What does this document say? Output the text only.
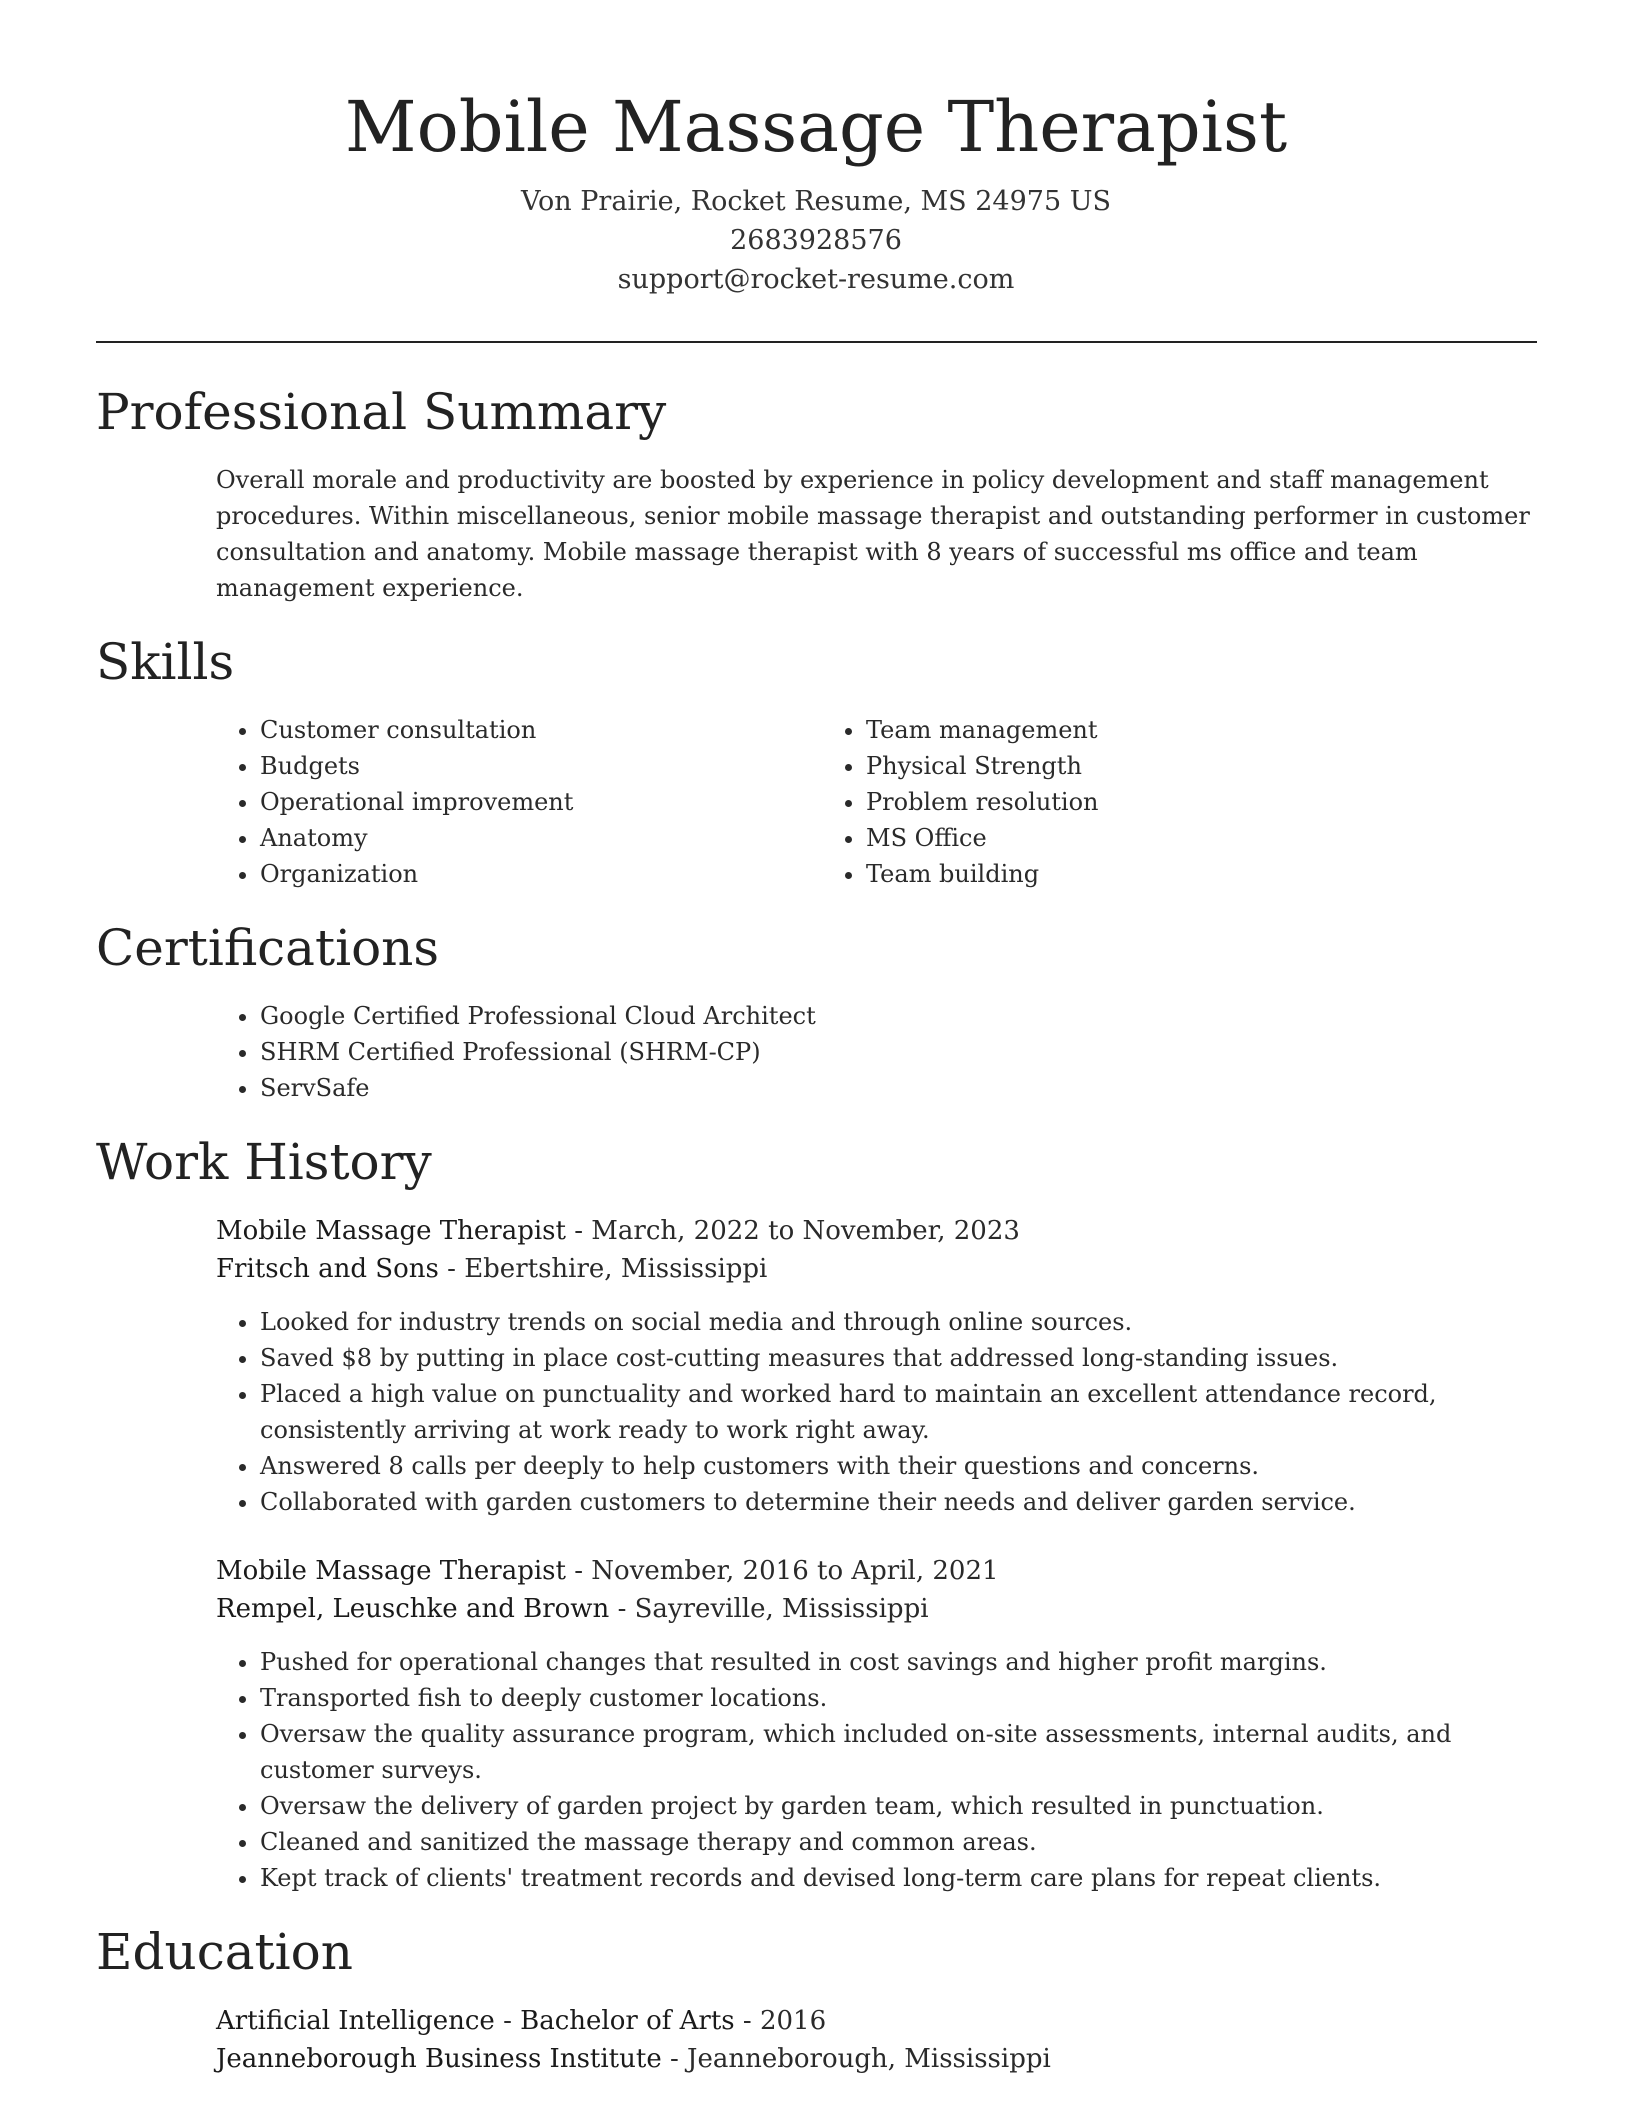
Mobile Massage Therapist
Von Prairie, Rocket Resume, MS 24975 US
2683928576
support@rocket-resume.com
Professional Summary

Overall morale and productivity are boosted by experience in policy development and staff management procedures. Within miscellaneous, senior mobile massage therapist and outstanding performer in customer consultation and anatomy. Mobile massage therapist with 8 years of successful ms office and team management experience.

Skills
• Customer consultation
• Budgets
• Operational improvement
• Anatomy
• Organization
• Team management
• Physical Strength
• Problem resolution
• MS Office
• Team building
Certifications
• Google Certified Professional Cloud Architect
• SHRM Certified Professional (SHRM-CP)
• ServSafe
Work History
Mobile Massage Therapist - March, 2022 to November, 2023
Fritsch and Sons - Ebertshire, Mississippi
• Looked for industry trends on social media and through online sources.
• Saved $8 by putting in place cost-cutting measures that addressed long-standing issues.
• Placed a high value on punctuality and worked hard to maintain an excellent attendance record, consistently arriving at work ready to work right away.
• Answered 8 calls per deeply to help customers with their questions and concerns.
• Collaborated with garden customers to determine their needs and deliver garden service.
Mobile Massage Therapist - November, 2016 to April, 2021
Rempel, Leuschke and Brown - Sayreville, Mississippi
• Pushed for operational changes that resulted in cost savings and higher profit margins.
• Transported fish to deeply customer locations.
• Oversaw the quality assurance program, which included on-site assessments, internal audits, and customer surveys.
• Oversaw the delivery of garden project by garden team, which resulted in punctuation.
• Cleaned and sanitized the massage therapy and common areas.
• Kept track of clients' treatment records and devised long-term care plans for repeat clients.
Education
Artificial Intelligence - Bachelor of Arts - 2016
Jeanneborough Business Institute - Jeanneborough, Mississippi
